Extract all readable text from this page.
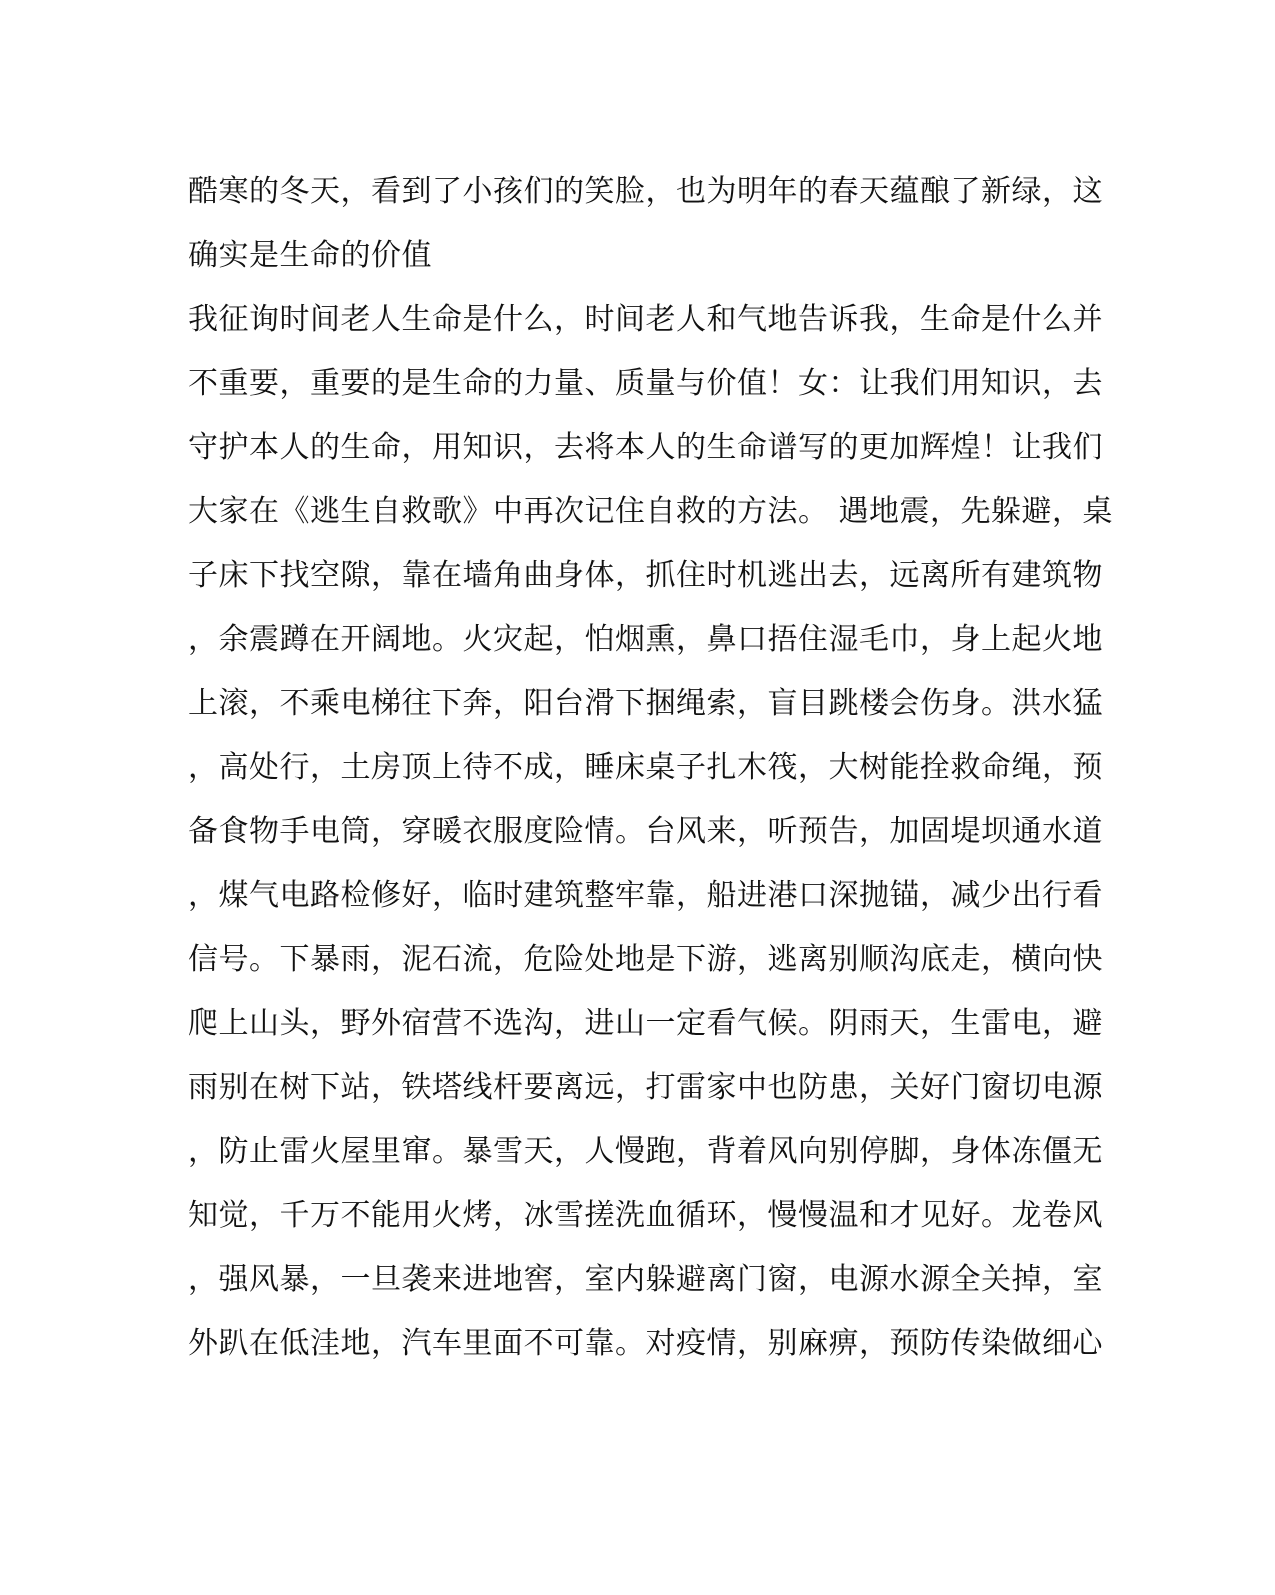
酷寒的冬天，看到了小孩们的笑脸，也为明年的春天蕴酿了新绿，这
确实是生命的价值
我征询时间老人生命是什么，时间老人和气地告诉我，生命是什么并
不重要，重要的是生命的力量、质量与价值！女：让我们用知识，去
守护本人的生命，用知识，去将本人的生命谱写的更加辉煌！让我们
大家在《逃生自救歌》中再次记住自救的方法。 遇地震，先躲避，桌
子床下找空隙，靠在墙角曲身体，抓住时机逃出去，远离所有建筑物
，余震蹲在开阔地。火灾起，怕烟熏，鼻口捂住湿毛巾，身上起火地
上滚，不乘电梯往下奔，阳台滑下捆绳索，盲目跳楼会伤身。洪水猛
，高处行，土房顶上待不成，睡床桌子扎木筏，大树能拴救命绳，预
备食物手电筒，穿暖衣服度险情。台风来，听预告，加固堤坝通水道
，煤气电路检修好，临时建筑整牢靠，船进港口深抛锚，减少出行看
信号。下暴雨，泥石流，危险处地是下游，逃离别顺沟底走，横向快
爬上山头，野外宿营不选沟，进山一定看气候。阴雨天，生雷电，避
雨别在树下站，铁塔线杆要离远，打雷家中也防患，关好门窗切电源
，防止雷火屋里窜。暴雪天，人慢跑，背着风向别停脚，身体冻僵无
知觉，千万不能用火烤，冰雪搓洗血循环，慢慢温和才见好。龙卷风
，强风暴，一旦袭来进地窖，室内躲避离门窗，电源水源全关掉，室
外趴在低洼地，汽车里面不可靠。对疫情，别麻痹，预防传染做细心
